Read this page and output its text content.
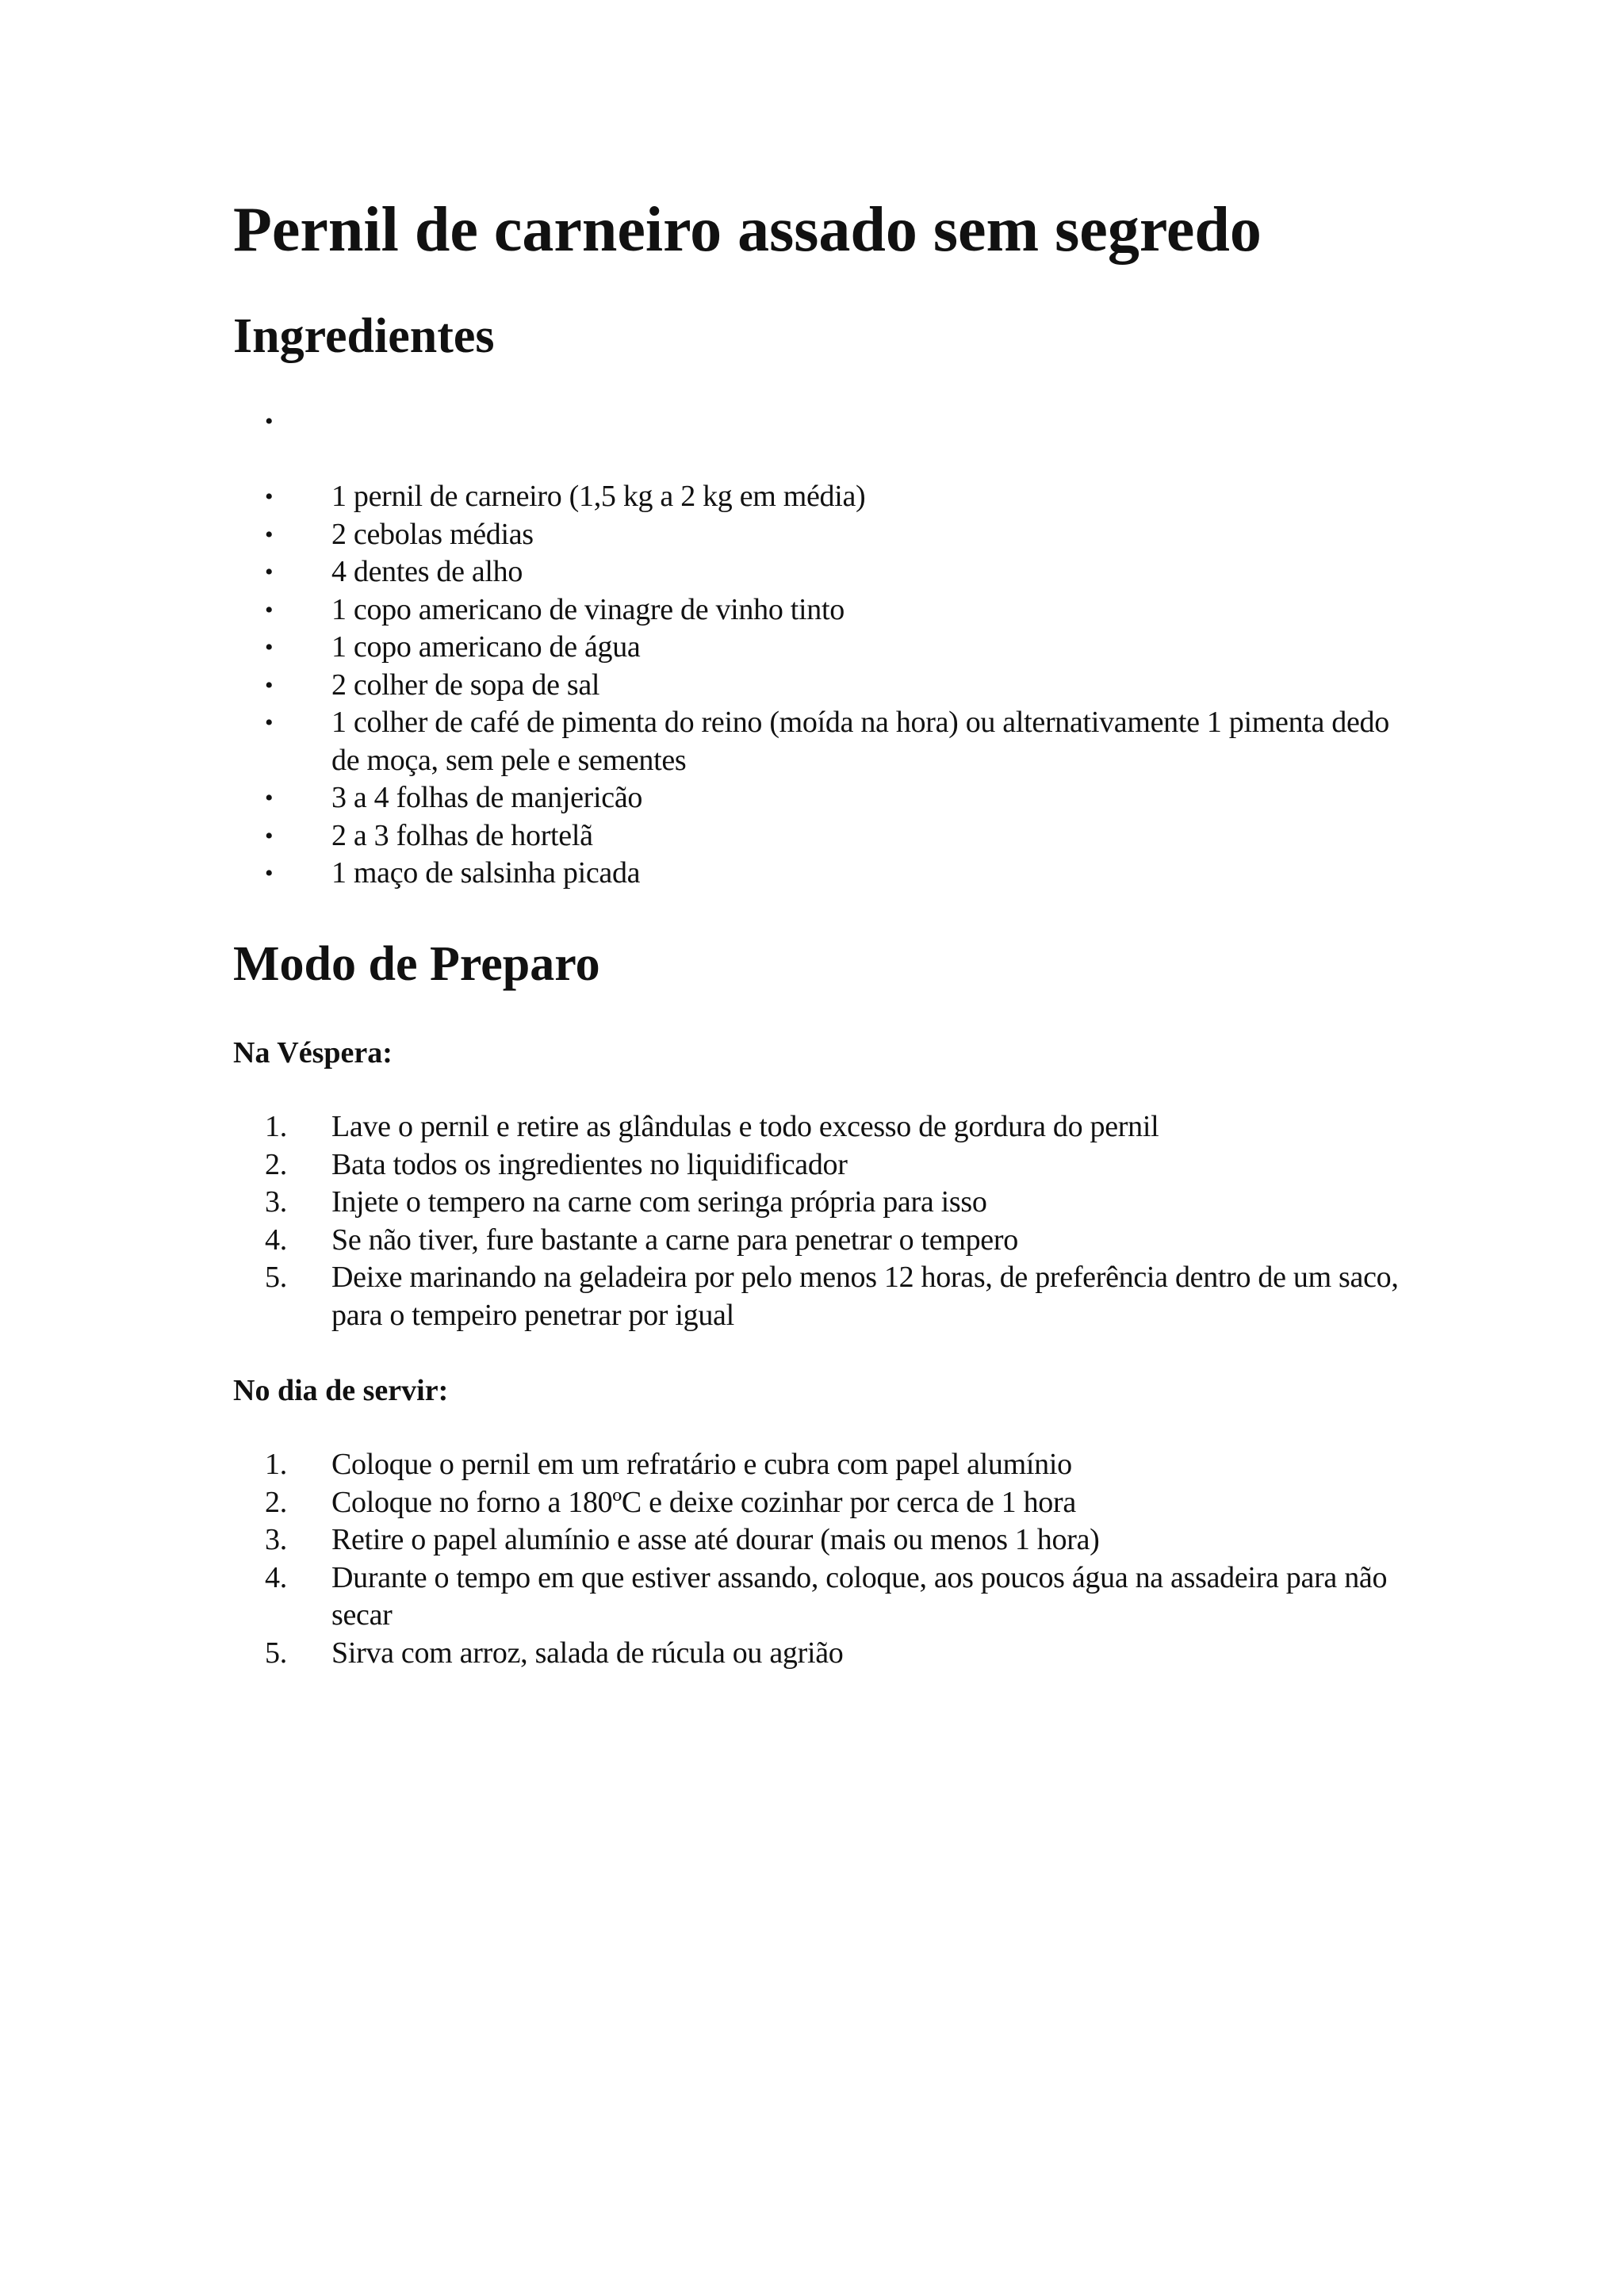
Pernil de carneiro assado sem segredo
Ingredientes
•

•	1 pernil de carneiro (1,5 kg a 2 kg em média)
•	2 cebolas médias
•	4 dentes de alho
•	1 copo americano de vinagre de vinho tinto
•	1 copo americano de água
•	2 colher de sopa de sal
•	1 colher de café de pimenta do reino (moída na hora) ou alternativamente 1 pimenta dedo de moça, sem pele e sementes
•	3 a 4 folhas de manjericão
•	2 a 3 folhas de hortelã
•	1 maço de salsinha picada
Modo de Preparo
Na Véspera:
1.	Lave o pernil e retire as glândulas e todo excesso de gordura do pernil
2.	Bata todos os ingredientes no liquidificador
3.	Injete o tempero na carne com seringa própria para isso
4.	Se não tiver, fure bastante a carne para penetrar o tempero
5.	Deixe marinando na geladeira por pelo menos 12 horas, de preferência dentro de um saco, para o tempeiro penetrar por igual
No dia de servir:
1.	Coloque o pernil em um refratário e cubra com papel alumínio
2.	Coloque no forno a 180ºC e deixe cozinhar por cerca de 1 hora
3.	Retire o papel alumínio e asse até dourar (mais ou menos 1 hora)
4.	Durante o tempo em que estiver assando, coloque, aos poucos água na assadeira para não secar
5.	Sirva com arroz, salada de rúcula ou agrião
